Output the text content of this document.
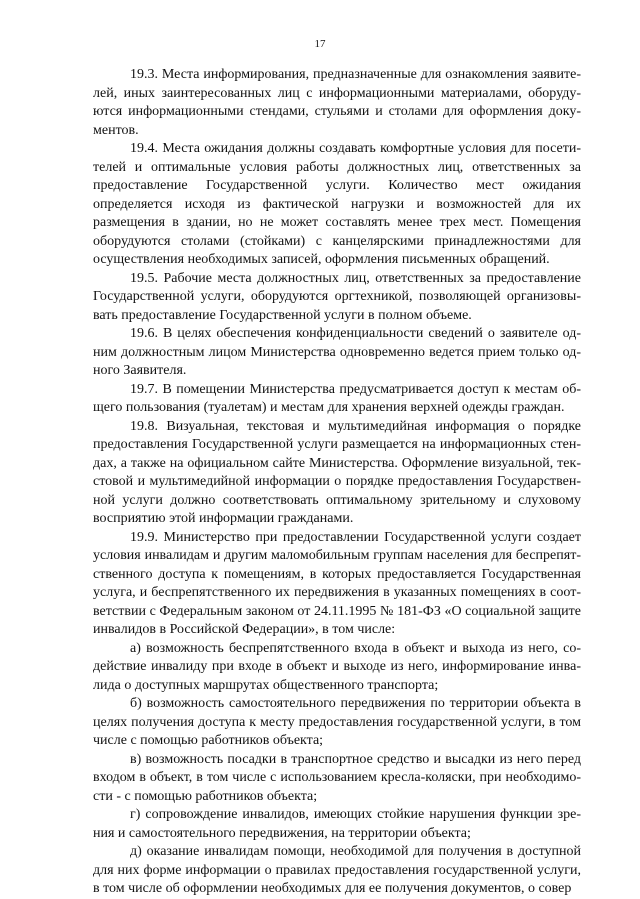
17

19.3. Места информирования, предназначенные для ознакомления заявителей, иных заинтересованных лиц с информационными материалами, оборудуются информационными стендами, стульями и столами для оформления документов.

19.4. Места ожидания должны создавать комфортные условия для посетителей и оптимальные условия работы должностных лиц, ответственных за предоставление Государственной услуги. Количество мест ожидания определяется исходя из фактической нагрузки и возможностей для их размещения в здании, но не может составлять менее трех мест. Помещения оборудуются столами (стойками) с канцелярскими принадлежностями для осуществления необходимых записей, оформления письменных обращений.

19.5. Рабочие места должностных лиц, ответственных за предоставление Государственной услуги, оборудуются оргтехникой, позволяющей организовывать предоставление Государственной услуги в полном объеме.

19.6. В целях обеспечения конфиденциальности сведений о заявителе одним должностным лицом Министерства одновременно ведется прием только одного Заявителя.

19.7. В помещении Министерства предусматривается доступ к местам общего пользования (туалетам) и местам для хранения верхней одежды граждан.

19.8. Визуальная, текстовая и мультимедийная информация о порядке предоставления Государственной услуги размещается на информационных стендах, а также на официальном сайте Министерства. Оформление визуальной, текстовой и мультимедийной информации о порядке предоставления Государственной услуги должно соответствовать оптимальному зрительному и слуховому восприятию этой информации гражданами.

19.9. Министерство при предоставлении Государственной услуги создает условия инвалидам и другим маломобильным группам населения для беспрепятственного доступа к помещениям, в которых предоставляется Государственная услуга, и беспрепятственного их передвижения в указанных помещениях в соответствии с Федеральным законом от 24.11.1995 № 181-ФЗ «О социальной защите инвалидов в Российской Федерации», в том числе:

а) возможность беспрепятственного входа в объект и выхода из него, содействие инвалиду при входе в объект и выходе из него, информирование инвалида о доступных маршрутах общественного транспорта;

б) возможность самостоятельного передвижения по территории объекта в целях получения доступа к месту предоставления государственной услуги, в том числе с помощью работников объекта;

в) возможность посадки в транспортное средство и высадки из него перед входом в объект, в том числе с использованием кресла-коляски, при необходимости - с помощью работников объекта;

г) сопровождение инвалидов, имеющих стойкие нарушения функции зрения и самостоятельного передвижения, на территории объекта;

д) оказание инвалидам помощи, необходимой для получения в доступной для них форме информации о правилах предоставления государственной услуги, в том числе об оформлении необходимых для ее получения документов, о совер
